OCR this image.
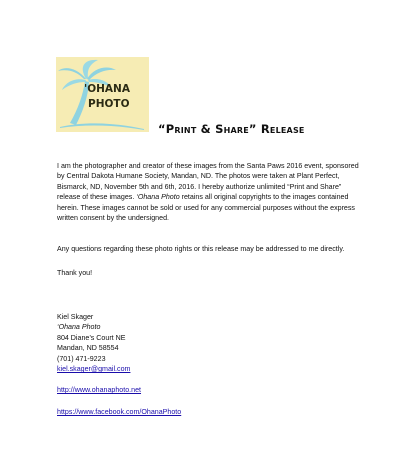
'OHANA
PHOTO
“Print & Share” Release
I am the photographer and creator of these images from the Santa Paws 2016 event, sponsored
by Central Dakota Humane Society, Mandan, ND. The photos were taken at Plant Perfect,
Bismarck, ND, November 5th and 6th, 2016. I hereby authorize unlimited “Print and Share”
release of these images. ‘Ohana Photo retains all original copyrights to the images contained
herein. These images cannot be sold or used for any commercial purposes without the express
written consent by the undersigned.
Any questions regarding these photo rights or this release may be addressed to me directly.
Thank you!
Kiel Skager
‘Ohana Photo
804 Diane’s Court NE
Mandan, ND 58554
(701) 471-9223
kiel.skager@gmail.com
http://www.ohanaphoto.net
https://www.facebook.com/OhanaPhoto
